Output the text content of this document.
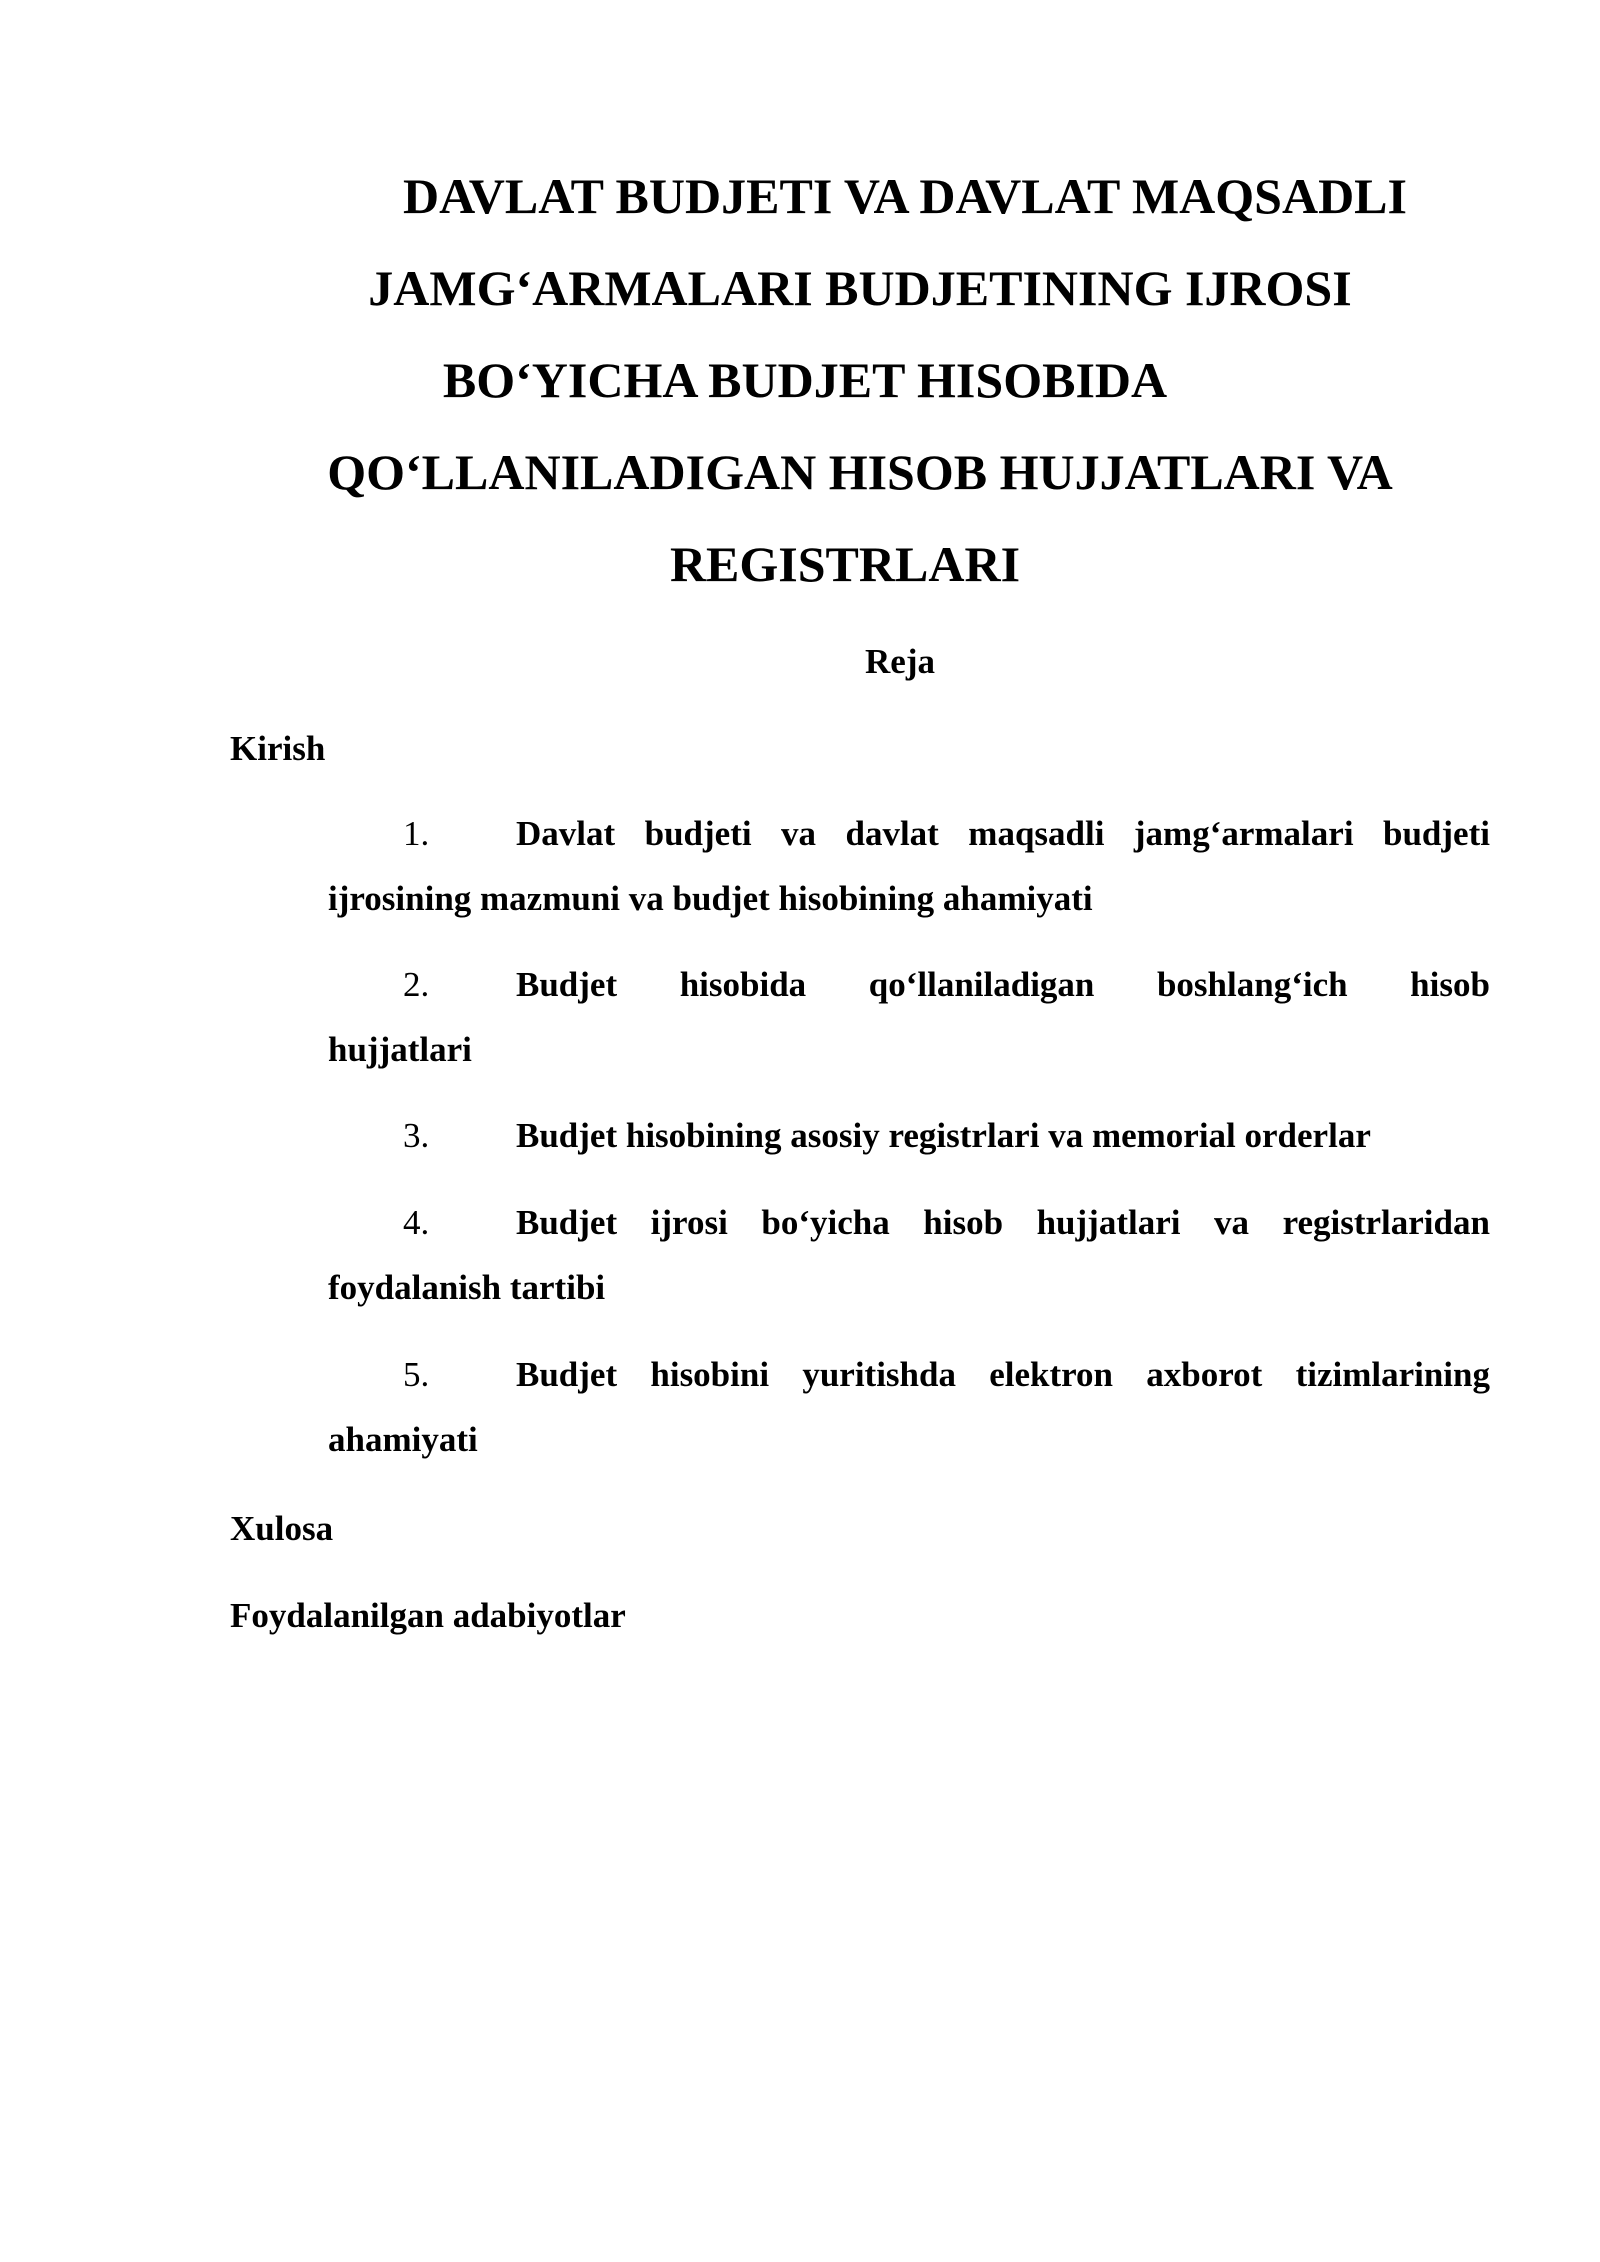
DAVLAT BUDJETI VA DAVLAT MAQSADLI
JAMG‘ARMALARI BUDJETINING IJROSI
BO‘YICHA BUDJET HISOBIDA
QO‘LLANILADIGAN HISOB HUJJATLARI VA
REGISTRLARI
Reja
Kirish
1. Davlat budjeti va davlat maqsadli jamg‘armalari budjeti
ijrosining mazmuni va budjet hisobining ahamiyati
2. Budjet hisobida qo‘llaniladigan boshlang‘ich hisob
hujjatlari
3.	Budjet hisobining asosiy registrlari va memorial orderlar
4. Budjet ijrosi bo‘yicha hisob hujjatlari va registrlaridan
foydalanish tartibi
5. Budjet hisobini yuritishda elektron axborot tizimlarining
ahamiyati
Xulosa
Foydalanilgan adabiyotlar
